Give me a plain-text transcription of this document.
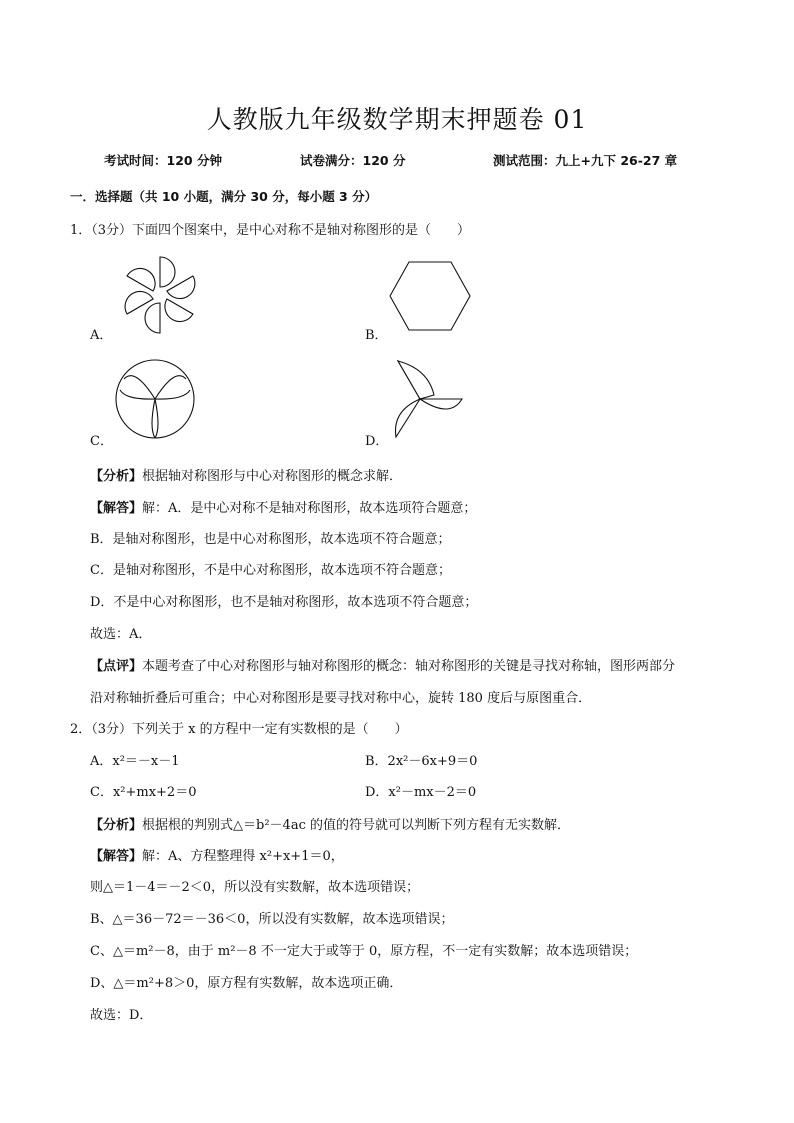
人教版九年级数学期末押题卷 01
考试时间：120 分钟	试卷满分：120 分	测试范围：九上+九下 26-27 章
一．选择题（共 10 小题，满分 30 分，每小题 3 分）
1．（3分）下面四个图案中，是中心对称不是轴对称图形的是（　　）
A．	B．
C．	D．
【分析】根据轴对称图形与中心对称图形的概念求解．
【解答】解：A．是中心对称不是轴对称图形，故本选项符合题意；
B．是轴对称图形，也是中心对称图形，故本选项不符合题意；
C．是轴对称图形，不是中心对称图形，故本选项不符合题意；
D．不是中心对称图形，也不是轴对称图形，故本选项不符合题意；
故选：A．
【点评】本题考查了中心对称图形与轴对称图形的概念：轴对称图形的关键是寻找对称轴，图形两部分
沿对称轴折叠后可重合；中心对称图形是要寻找对称中心，旋转 180 度后与原图重合．
2．（3分）下列关于 x 的方程中一定有实数根的是（　　）
A．x²＝－x－1	B．2x²－6x+9＝0
C．x²+mx+2＝0	D．x²－mx－2＝0
【分析】根据根的判别式△＝b²－4ac 的值的符号就可以判断下列方程有无实数解．
【解答】解：A、方程整理得 x²+x+1＝0，
则△＝1－4＝－2＜0，所以没有实数解，故本选项错误；
B、△＝36－72＝－36＜0，所以没有实数解，故本选项错误；
C、△＝m²－8，由于 m²－8 不一定大于或等于 0，原方程，不一定有实数解；故本选项错误；
D、△＝m²+8＞0，原方程有实数解，故本选项正确．
故选：D．
